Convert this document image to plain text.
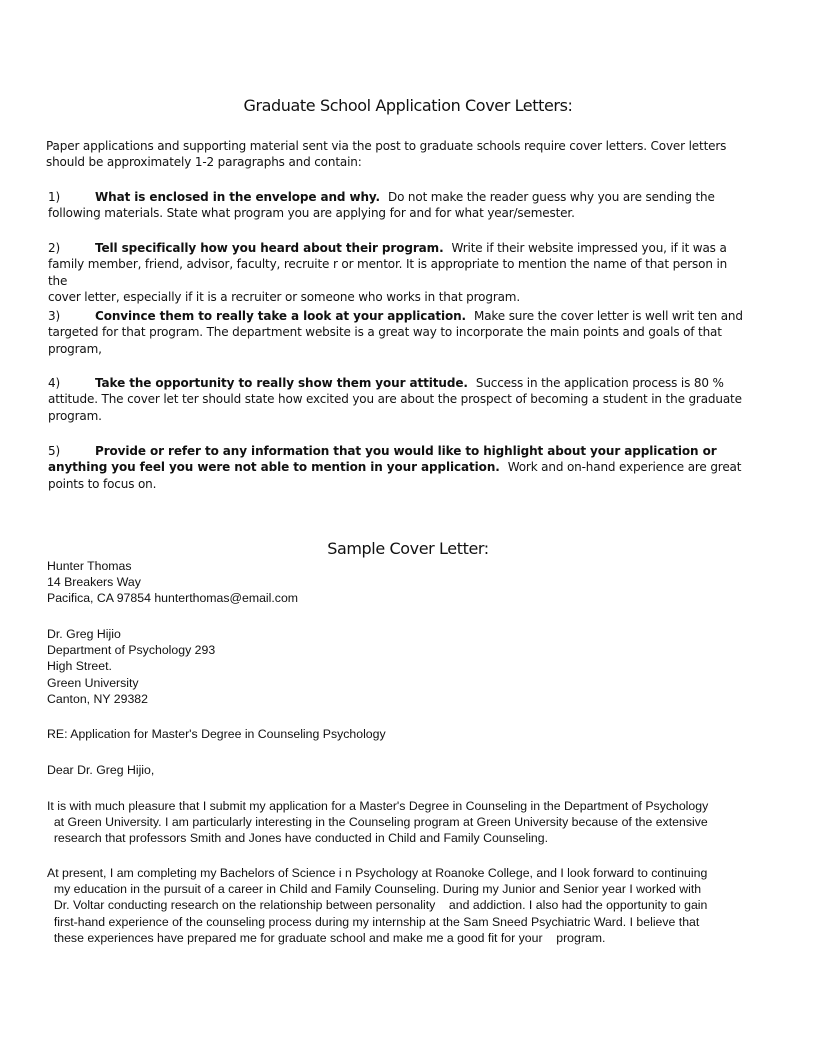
Graduate School Application Cover Letters:
Paper applications and supporting material sent via the post to graduate schools require cover letters. Cover letters
should be approximately 1-2 paragraphs and contain:
1)	What is enclosed in the envelope and why. Do not make the reader guess why you are sending the
following materials. State what program you are applying for and for what year/semester.
2)	Tell specifically how you heard about their program. Write if their website impressed you, if it was a
family member, friend, advisor, faculty, recruite r or mentor. It is appropriate to mention the name of that person in the
cover letter, especially if it is a recruiter or someone who works in that program.
3)	Convince them to really take a look at your application. Make sure the cover letter is well writ ten and
targeted for that program. The department website is a great way to incorporate the main points and goals of that
program,
4)	Take the opportunity to really show them your attitude. Success in the application process is 80 %
attitude. The cover let ter should state how excited you are about the prospect of becoming a student in the graduate
program.
5)	Provide or refer to any information that you would like to highlight about your application or
anything you feel you were not able to mention in your application. Work and on-hand experience are great
points to focus on.
Sample Cover Letter:
Hunter Thomas
14 Breakers Way
Pacifica, CA 97854 hunterthomas@email.com
Dr. Greg Hijio
Department of Psychology 293
High Street.
Green University
Canton, NY 29382
RE: Application for Master's Degree in Counseling Psychology
Dear Dr. Greg Hijio,
It is with much pleasure that I submit my application for a Master's Degree in Counseling in the Department of Psychology
at Green University. I am particularly interesting in the Counseling program at Green University because of the extensive
research that professors Smith and Jones have conducted in Child and Family Counseling.
At present, I am completing my Bachelors of Science i n Psychology at Roanoke College, and I look forward to continuing
my education in the pursuit of a career in Child and Family Counseling. During my Junior and Senior year I worked with
Dr. Voltar conducting research on the relationship between personality    and addiction. I also had the opportunity to gain
first-hand experience of the counseling process during my internship at the Sam Sneed Psychiatric Ward. I believe that
these experiences have prepared me for graduate school and make me a good fit for your    program.
